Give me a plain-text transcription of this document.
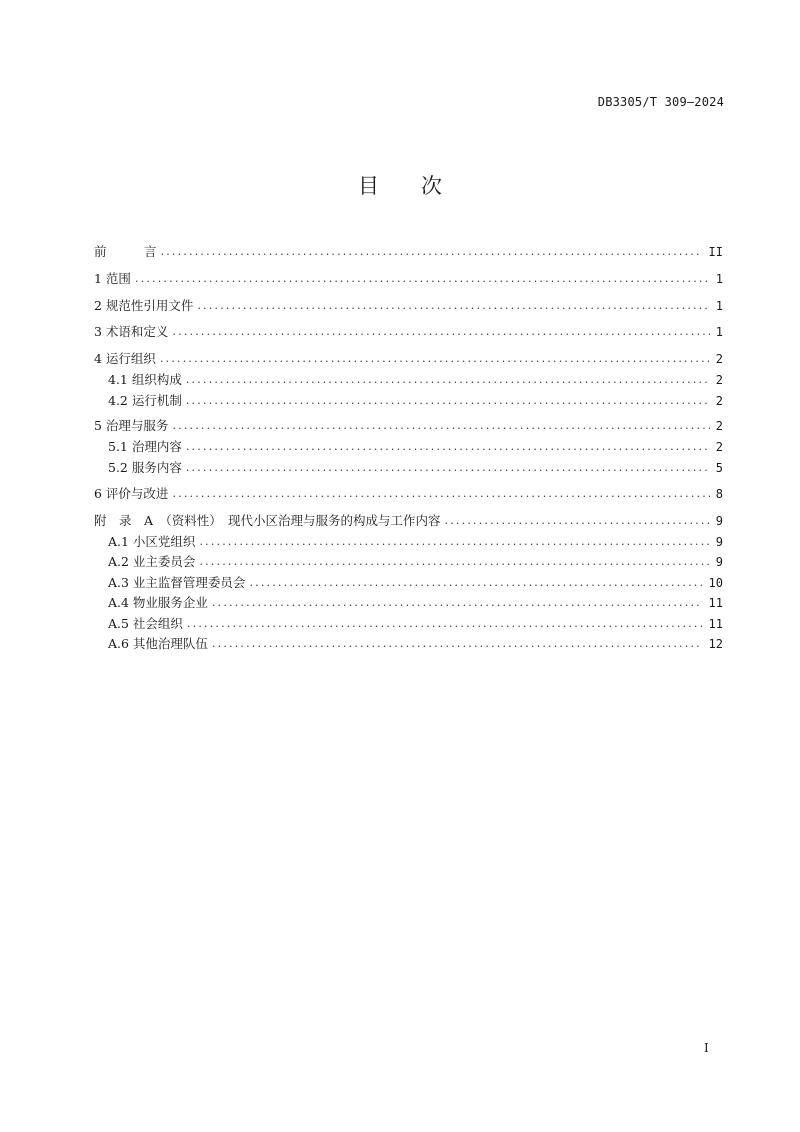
DB3305/T 309—2024
目　　次
前　　　言 .....	II
1 范围 .....	1
2 规范性引用文件 .....	1
3 术语和定义 .....	1
4 运行组织 .....	2
4.1 组织构成 .....	2
4.2 运行机制 .....	2
5 治理与服务 .....	2
5.1 治理内容 .....	2
5.2 服务内容 .....	5
6 评价与改进 .....	8
附　录　A　（资料性）　现代小区治理与服务的构成与工作内容 .....	9
A.1 小区党组织 .....	9
A.2 业主委员会 .....	9
A.3 业主监督管理委员会 .....	10
A.4 物业服务企业 .....	11
A.5 社会组织 .....	11
A.6 其他治理队伍 .....	12
I
